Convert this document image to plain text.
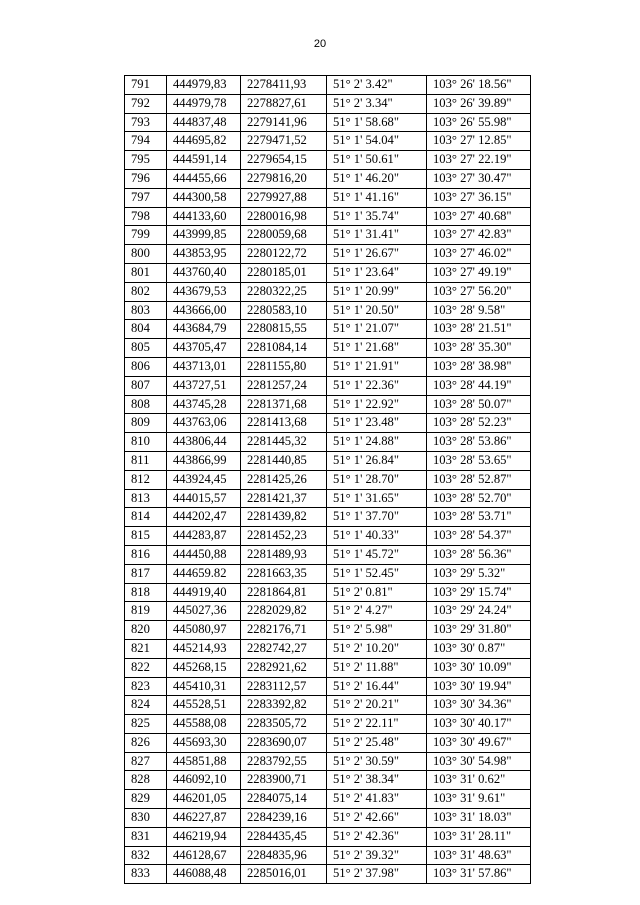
20
791	444979,83	2278411,93	51° 2' 3.42"	103° 26' 18.56"
792	444979,78	2278827,61	51° 2' 3.34"	103° 26' 39.89"
793	444837,48	2279141,96	51° 1' 58.68"	103° 26' 55.98"
794	444695,82	2279471,52	51° 1' 54.04"	103° 27' 12.85"
795	444591,14	2279654,15	51° 1' 50.61"	103° 27' 22.19"
796	444455,66	2279816,20	51° 1' 46.20"	103° 27' 30.47"
797	444300,58	2279927,88	51° 1' 41.16"	103° 27' 36.15"
798	444133,60	2280016,98	51° 1' 35.74"	103° 27' 40.68"
799	443999,85	2280059,68	51° 1' 31.41"	103° 27' 42.83"
800	443853,95	2280122,72	51° 1' 26.67"	103° 27' 46.02"
801	443760,40	2280185,01	51° 1' 23.64"	103° 27' 49.19"
802	443679,53	2280322,25	51° 1' 20.99"	103° 27' 56.20"
803	443666,00	2280583,10	51° 1' 20.50"	103° 28' 9.58"
804	443684,79	2280815,55	51° 1' 21.07"	103° 28' 21.51"
805	443705,47	2281084,14	51° 1' 21.68"	103° 28' 35.30"
806	443713,01	2281155,80	51° 1' 21.91"	103° 28' 38.98"
807	443727,51	2281257,24	51° 1' 22.36"	103° 28' 44.19"
808	443745,28	2281371,68	51° 1' 22.92"	103° 28' 50.07"
809	443763,06	2281413,68	51° 1' 23.48"	103° 28' 52.23"
810	443806,44	2281445,32	51° 1' 24.88"	103° 28' 53.86"
811	443866,99	2281440,85	51° 1' 26.84"	103° 28' 53.65"
812	443924,45	2281425,26	51° 1' 28.70"	103° 28' 52.87"
813	444015,57	2281421,37	51° 1' 31.65"	103° 28' 52.70"
814	444202,47	2281439,82	51° 1' 37.70"	103° 28' 53.71"
815	444283,87	2281452,23	51° 1' 40.33"	103° 28' 54.37"
816	444450,88	2281489,93	51° 1' 45.72"	103° 28' 56.36"
817	444659.82	2281663,35	51° 1' 52.45"	103° 29' 5.32"
818	444919,40	2281864,81	51° 2' 0.81"	103° 29' 15.74"
819	445027,36	2282029,82	51° 2' 4.27"	103° 29' 24.24"
820	445080,97	2282176,71	51° 2' 5.98"	103° 29' 31.80"
821	445214,93	2282742,27	51° 2' 10.20"	103° 30' 0.87"
822	445268,15	2282921,62	51° 2' 11.88"	103° 30' 10.09"
823	445410,31	2283112,57	51° 2' 16.44"	103° 30' 19.94"
824	445528,51	2283392,82	51° 2' 20.21"	103° 30' 34.36"
825	445588,08	2283505,72	51° 2' 22.11"	103° 30' 40.17"
826	445693,30	2283690,07	51° 2' 25.48"	103° 30' 49.67"
827	445851,88	2283792,55	51° 2' 30.59"	103° 30' 54.98"
828	446092,10	2283900,71	51° 2' 38.34"	103° 31' 0.62"
829	446201,05	2284075,14	51° 2' 41.83"	103° 31' 9.61"
830	446227,87	2284239,16	51° 2' 42.66"	103° 31' 18.03"
831	446219,94	2284435,45	51° 2' 42.36"	103° 31' 28.11"
832	446128,67	2284835,96	51° 2' 39.32"	103° 31' 48.63"
833	446088,48	2285016,01	51° 2' 37.98"	103° 31' 57.86"
